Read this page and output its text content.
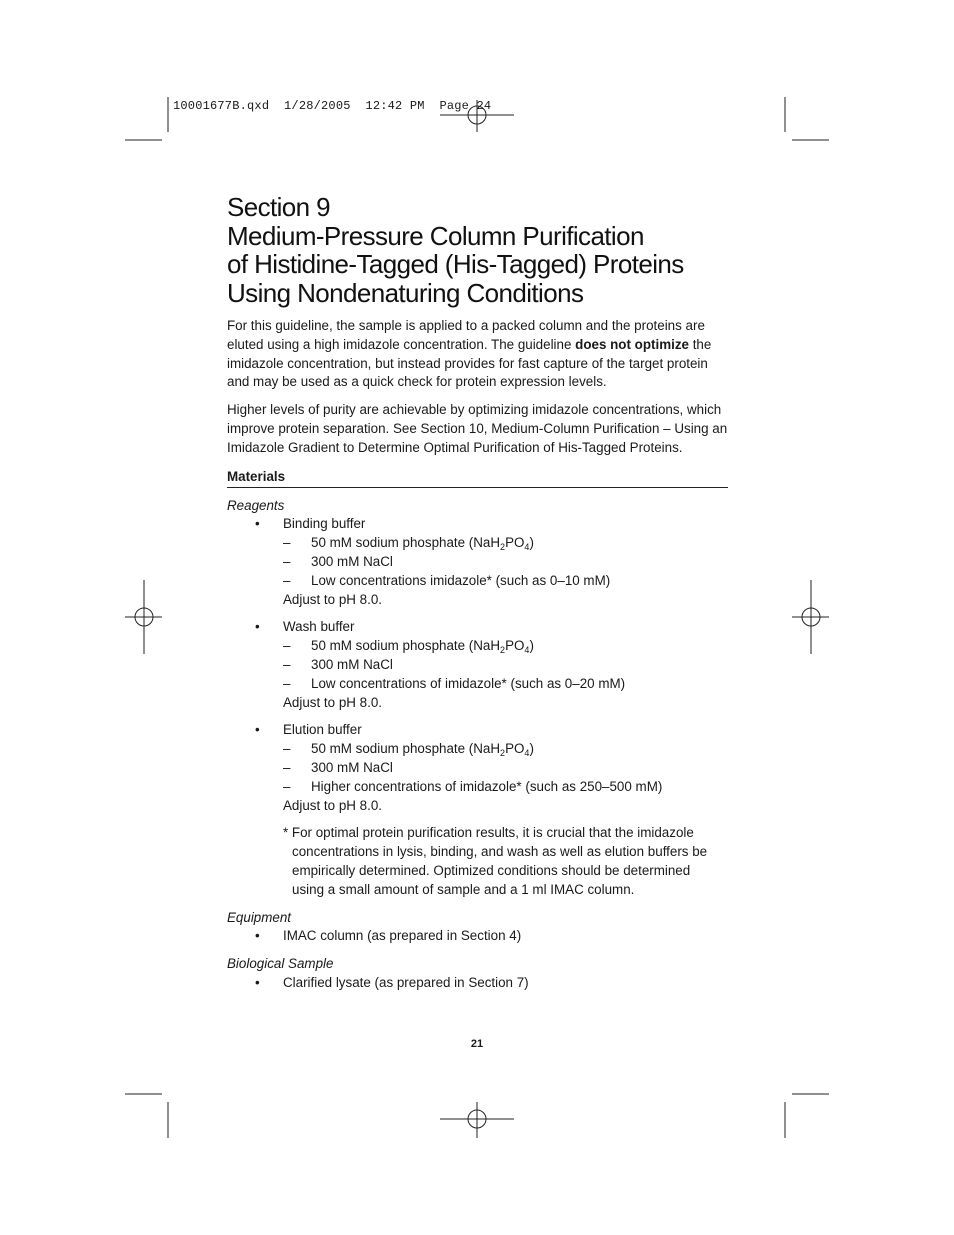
10001677B.qxd  1/28/2005  12:42 PM  Page 24
Section 9
Medium-Pressure Column Purification
of Histidine-Tagged (His-Tagged) Proteins
Using Nondenaturing Conditions

For this guideline, the sample is applied to a packed column and the proteins are eluted using a high imidazole concentration. The guideline does not optimize the imidazole concentration, but instead provides for fast capture of the target protein and may be used as a quick check for protein expression levels.

Higher levels of purity are achievable by optimizing imidazole concentrations, which improve protein separation. See Section 10, Medium-Column Purification – Using an Imidazole Gradient to Determine Optimal Purification of His-Tagged Proteins.

Materials
Reagents
• Binding buffer
– 50 mM sodium phosphate $(NaH_2PO_4)$
– 300 mM NaCl
– Low concentrations imidazole* (such as 0–10 mM)
Adjust to pH 8.0.
• Wash buffer
– 50 mM sodium phosphate $(NaH_2PO_4)$
– 300 mM NaCl
– Low concentrations of imidazole* (such as 0–20 mM)
Adjust to pH 8.0.
• Elution buffer
– 50 mM sodium phosphate $(NaH_2PO_4)$
– 300 mM NaCl
– Higher concentrations of imidazole* (such as 250–500 mM)
Adjust to pH 8.0.
* For optimal protein purification results, it is crucial that the imidazole
concentrations in lysis, binding, and wash as well as elution buffers be
empirically determined. Optimized conditions should be determined
using a small amount of sample and a 1 ml IMAC column.
Equipment
• IMAC column (as prepared in Section 4)
Biological Sample
• Clarified lysate (as prepared in Section 7)
21
